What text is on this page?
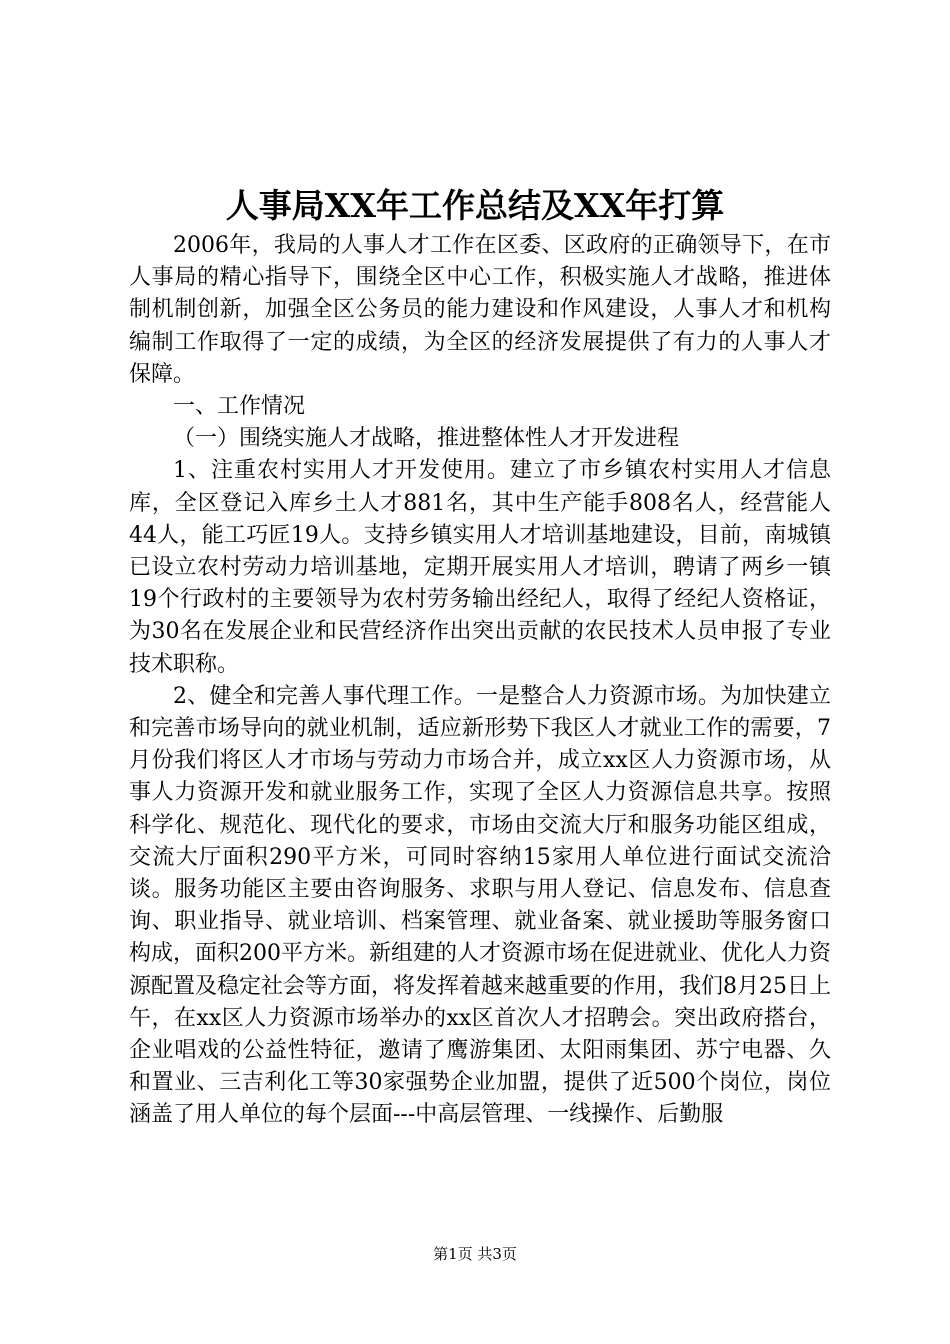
人事局XX年工作总结及XX年打算

2006年，我局的人事人才工作在区委、区政府的正确领导下，在市人事局的精心指导下，围绕全区中心工作，积极实施人才战略，推进体制机制创新，加强全区公务员的能力建设和作风建设，人事人才和机构编制工作取得了一定的成绩，为全区的经济发展提供了有力的人事人才保障。

一、工作情况

（一）围绕实施人才战略，推进整体性人才开发进程

1、注重农村实用人才开发使用。建立了市乡镇农村实用人才信息库，全区登记入库乡土人才881名，其中生产能手808名人，经营能人44人，能工巧匠19人。支持乡镇实用人才培训基地建设，目前，南城镇已设立农村劳动力培训基地，定期开展实用人才培训，聘请了两乡一镇19个行政村的主要领导为农村劳务输出经纪人，取得了经纪人资格证，为30名在发展企业和民营经济作出突出贡献的农民技术人员申报了专业技术职称。

2、健全和完善人事代理工作。一是整合人力资源市场。为加快建立和完善市场导向的就业机制，适应新形势下我区人才就业工作的需要，7月份我们将区人才市场与劳动力市场合并，成立xx区人力资源市场，从事人力资源开发和就业服务工作，实现了全区人力资源信息共享。按照科学化、规范化、现代化的要求，市场由交流大厅和服务功能区组成，交流大厅面积290平方米，可同时容纳15家用人单位进行面试交流洽谈。服务功能区主要由咨询服务、求职与用人登记、信息发布、信息查询、职业指导、就业培训、档案管理、就业备案、就业援助等服务窗口构成，面积200平方米。新组建的人才资源市场在促进就业、优化人力资源配置及稳定社会等方面，将发挥着越来越重要的作用，我们8月25日上午，在xx区人力资源市场举办的xx区首次人才招聘会。突出政府搭台，企业唱戏的公益性特征，邀请了鹰游集团、太阳雨集团、苏宁电器、久和置业、三吉利化工等30家强势企业加盟，提供了近500个岗位，岗位涵盖了用人单位的每个层面---中高层管理、一线操作、后勤服

第1页 共3页
